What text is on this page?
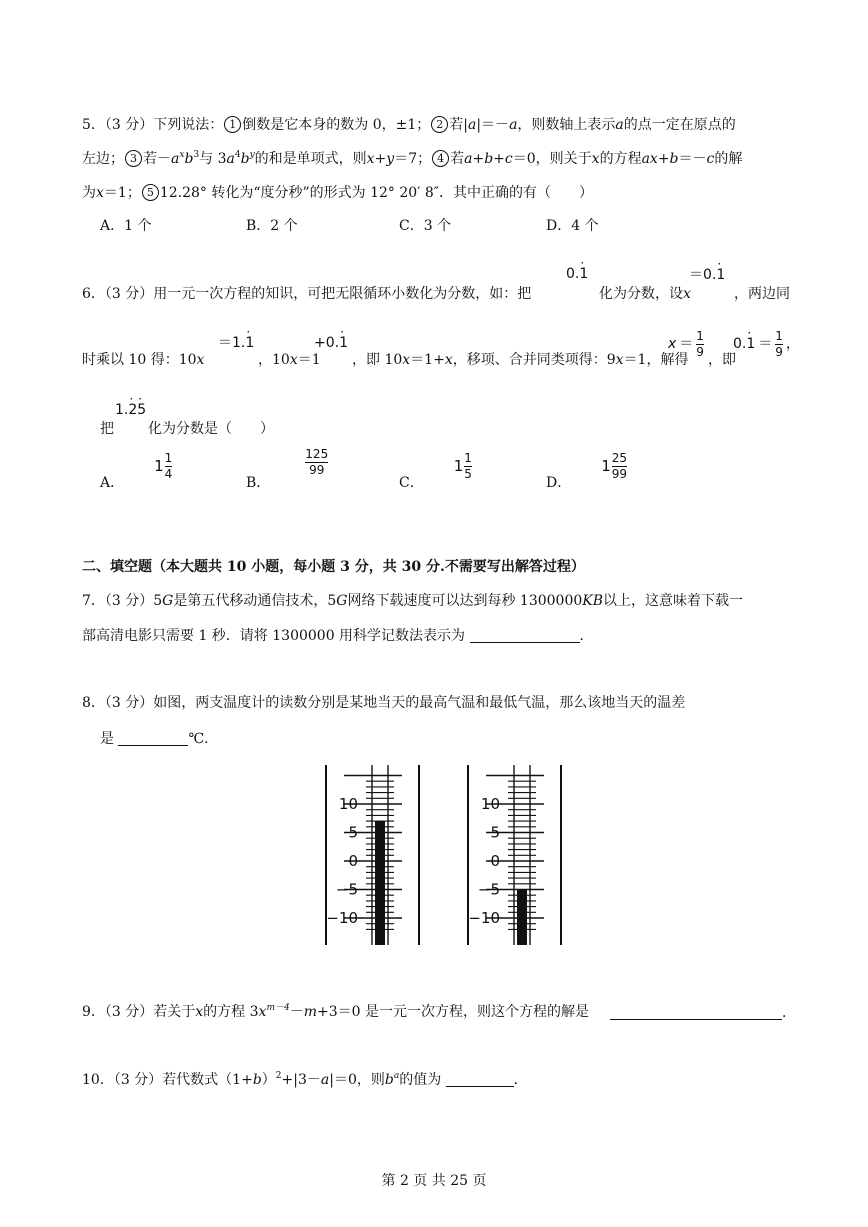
5．（3 分）下列说法： 1 倒数是它本身的数为 0，±1； 2 若|a|＝－a，则数轴上表示a的点一定在原点的
左边； 3 若$-a^xb^3$与 $3a^4b^y$的和是单项式，则x+y＝7； 4 若a+b+c＝0，则关于x的方程ax+b＝－c的解
为x＝1； 5 12.28° 转化为“度分秒”的形式为 12° 20′ 8″．其中正确的有（　　）
A．1 个	B．2 个	C．3 个	D．4 个
6．（3 分）用一元一次方程的知识，可把无限循环小数化为分数，如：把
0.· 1
化为分数，设x
＝0.· 1
，两边同
时乘以 10 得：10x
＝1.· 1
，10x＝1
+0.· 1
，即 10x＝1+x，移项、合并同类项得：9x＝1，解得
$x = \frac{1}{9}$
，即
$0.\cdot 1 = \frac{1}{9}$ ，
把
1.· 2· 5
化为分数是（　　）
A．
$1 \frac{1}{4}$
B．
$\frac{125}{99}$
C．
$1 \frac{1}{5}$
D．
$1 \frac{25}{99}$
二、填空题（本大题共 10 小题，每小题 3 分，共 30 分.不需要写出解答过程）
7．（3 分）5G是第五代移动通信技术，5G网络下载速度可以达到每秒 1300000KB以上，这意味着下载一
部高清电影只需要 1 秒．请将 1300000 用科学记数法表示为	．
8．（3 分）如图，两支温度计的读数分别是某地当天的最高气温和最低气温，那么该地当天的温差
是	℃．
10
5
0
−5
−10
10
5
0
−5
−10
9．（3 分）若关于x的方程 $3x^{m-4}-m+3=0$ 是一元一次方程，则这个方程的解是	．
10．（3 分）若代数式$(1+b)^2+|3-a|=0$，则$b^a$的值为	．
第 2 页 共 25 页
